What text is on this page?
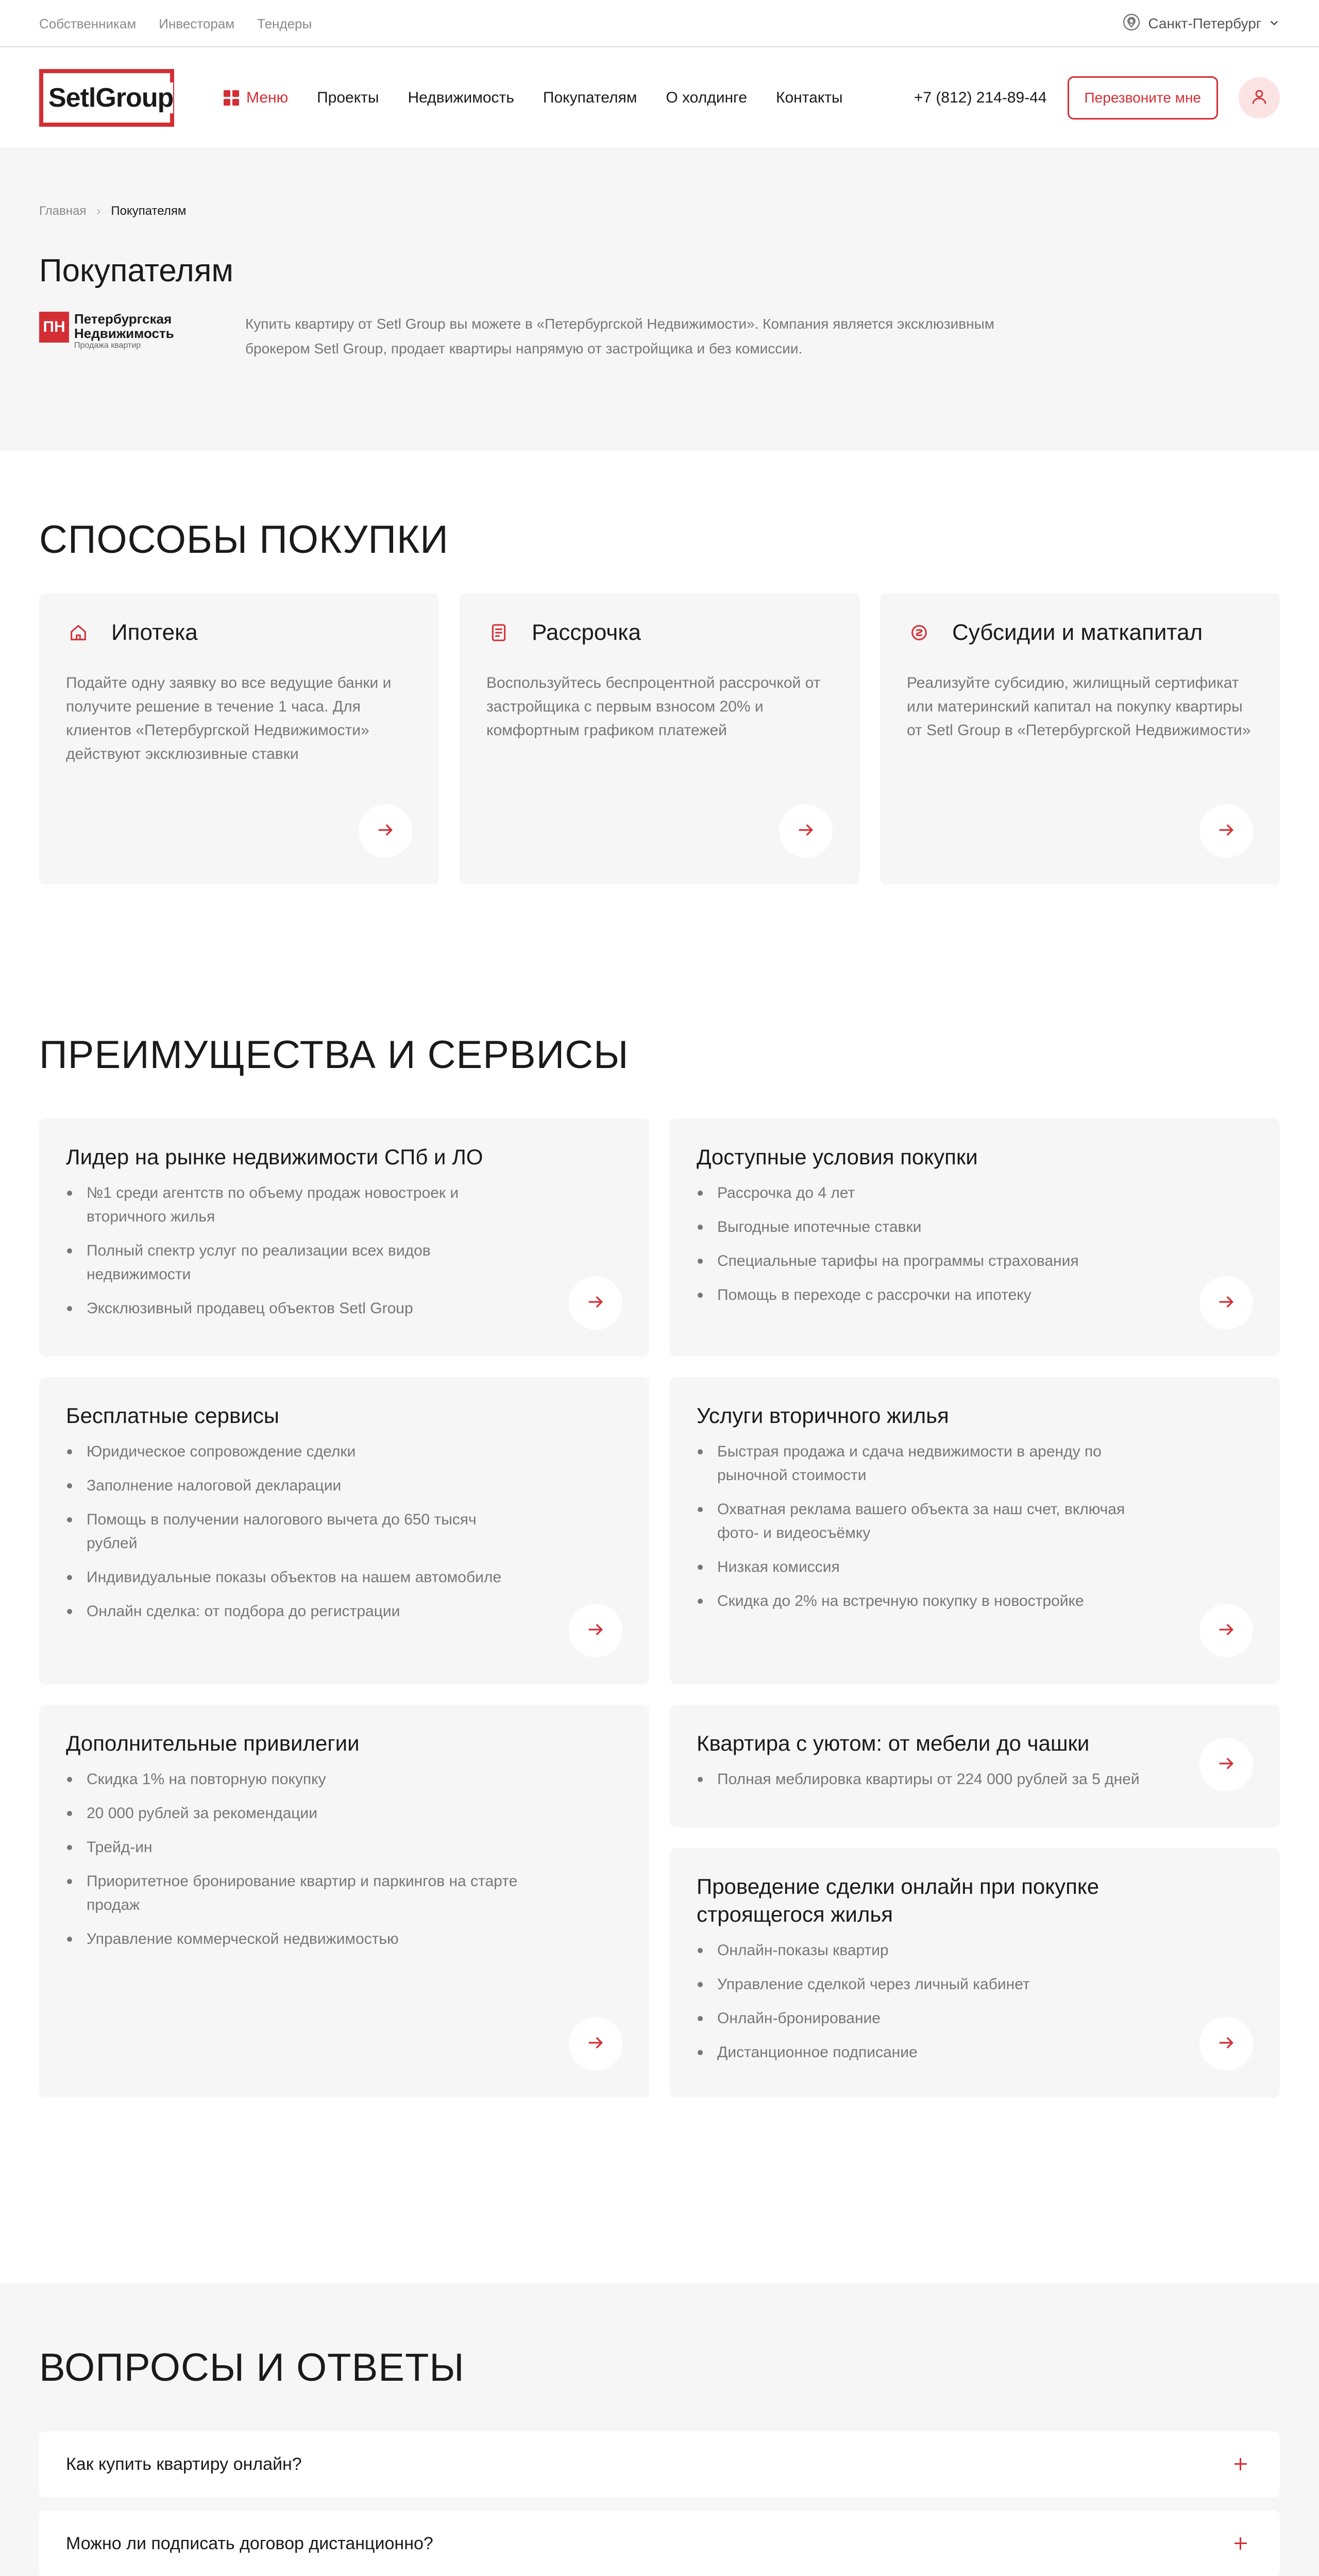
Собственникам Инвесторам Тендеры	Санкт-Петербург
SetlGroup	Меню Проекты Недвижимость Покупателям О холдинге Контакты	+7 (812) 214-89-44	Перезвоните мне
Главная › Покупателям
Покупателям
ПН Петербургская
Недвижимость
Продажа квартир

Купить квартиру от Setl Group вы можете в «Петербургской Недвижимости». Компания является эксклюзивным брокером Setl Group, продает квартиры напрямую от застройщика и без комиссии.

СПОСОБЫ ПОКУПКИ
Ипотека

Подайте одну заявку во все ведущие банки и получите решение в течение 1 часа. Для клиентов «Петербургской Недвижимости» действуют эксклюзивные ставки

Рассрочка

Воспользуйтесь беспроцентной рассрочкой от застройщика с первым взносом 20% и комфортным графиком платежей

Субсидии и маткапитал

Реализуйте субсидию, жилищный сертификат или материнский капитал на покупку квартиры от Setl Group в «Петербургской Недвижимости»

ПРЕИМУЩЕСТВА И СЕРВИСЫ
Лидер на рынке недвижимости СПб и ЛО
№1 среди агентств по объему продаж новостроек и вторичного жилья
Полный спектр услуг по реализации всех видов недвижимости
Эксклюзивный продавец объектов Setl Group
Бесплатные сервисы
Юридическое сопровождение сделки
Заполнение налоговой декларации
Помощь в получении налогового вычета до 650 тысяч рублей
Индивидуальные показы объектов на нашем автомобиле
Онлайн сделка: от подбора до регистрации
Дополнительные привилегии
Скидка 1% на повторную покупку
20 000 рублей за рекомендации
Трейд-ин
Приоритетное бронирование квартир и паркингов на старте продаж
Управление коммерческой недвижимостью
Доступные условия покупки
Рассрочка до 4 лет
Выгодные ипотечные ставки
Специальные тарифы на программы страхования
Помощь в переходе с рассрочки на ипотеку
Услуги вторичного жилья
Быстрая продажа и сдача недвижимости в аренду по рыночной стоимости
Охватная реклама вашего объекта за наш счет, включая фото- и видеосъёмку
Низкая комиссия
Скидка до 2% на встречную покупку в новостройке
Квартира с уютом: от мебели до чашки
Полная меблировка квартиры от 224 000 рублей за 5 дней
Проведение сделки онлайн при покупке строящегося жилья
Онлайн-показы квартир
Управление сделкой через личный кабинет
Онлайн-бронирование
Дистанционное подписание
ВОПРОСЫ И ОТВЕТЫ
Как купить квартиру онлайн?
Можно ли подписать договор дистанционно?
